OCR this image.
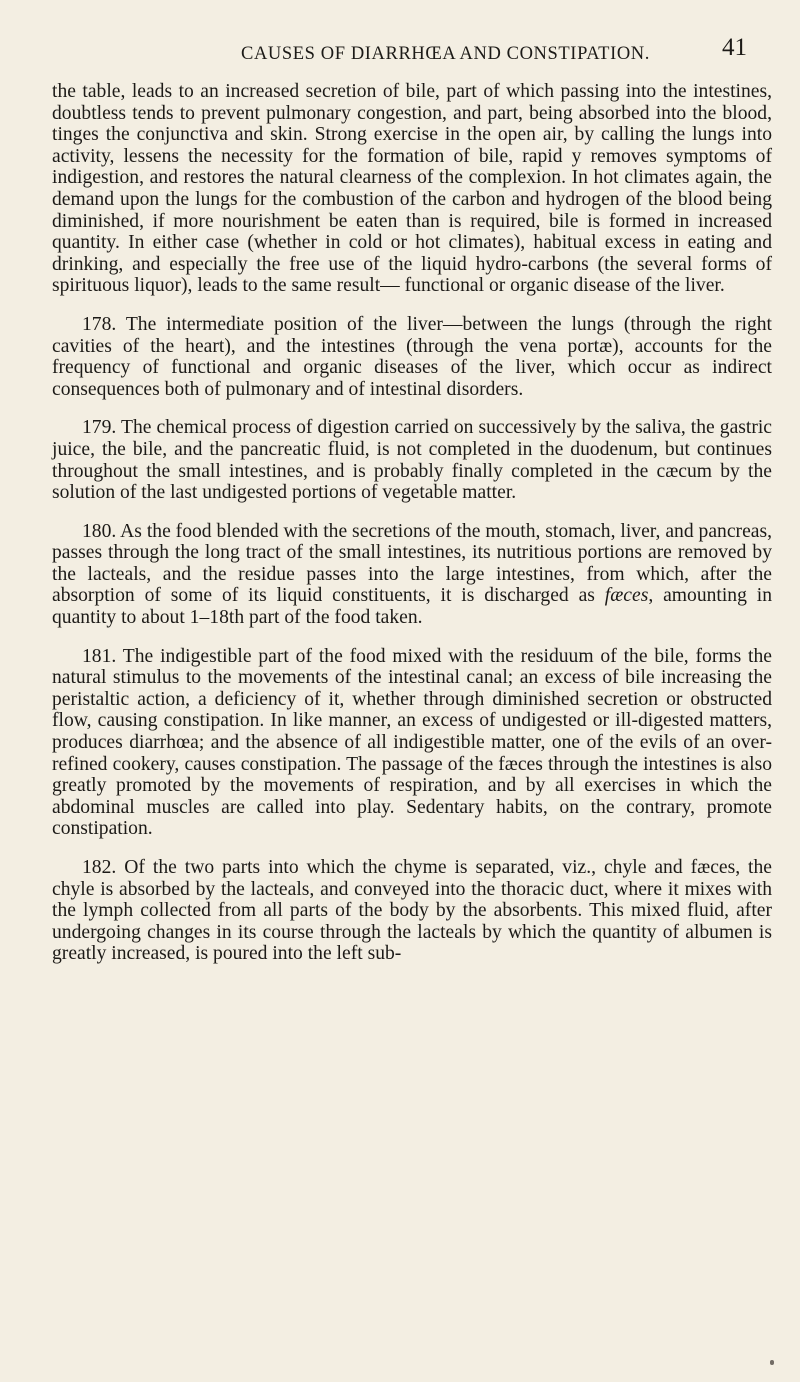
CAUSES OF DIARRHŒA AND CONSTIPATION.	41

the table, leads to an increased secretion of bile, part of which passing into the intestines, doubtless tends to prevent pulmonary congestion, and part, being absorbed into the blood, tinges the conjunctiva and skin. Strong exercise in the open air, by calling the lungs into activity, lessens the necessity for the formation of bile, rapid y removes symptoms of indigestion, and restores the natural clearness of the complexion. In hot climates again, the demand upon the lungs for the combustion of the carbon and hydrogen of the blood being diminished, if more nourishment be eaten than is required, bile is formed in increased quantity. In either case (whether in cold or hot climates), habitual excess in eating and drinking, and especially the free use of the liquid hydro-carbons (the several forms of spirituous liquor), leads to the same result— functional or organic disease of the liver.

178. The intermediate position of the liver—between the lungs (through the right cavities of the heart), and the intestines (through the vena portæ), accounts for the frequency of functional and organic diseases of the liver, which occur as indirect consequences both of pulmonary and of intestinal disorders.

179. The chemical process of digestion carried on successively by the saliva, the gastric juice, the bile, and the pancreatic fluid, is not completed in the duodenum, but continues throughout the small intestines, and is probably finally completed in the cæcum by the solution of the last undigested portions of vegetable matter.

180. As the food blended with the secretions of the mouth, stomach, liver, and pancreas, passes through the long tract of the small intestines, its nutritious portions are removed by the lacteals, and the residue passes into the large intestines, from which, after the absorption of some of its liquid constituents, it is discharged as fæces, amounting in quantity to about 1–18th part of the food taken.

181. The indigestible part of the food mixed with the residuum of the bile, forms the natural stimulus to the movements of the intestinal canal; an excess of bile increasing the peristaltic action, a deficiency of it, whether through diminished secretion or obstructed flow, causing constipation. In like manner, an excess of undigested or ill-digested matters, produces diarrhœa; and the absence of all indigestible matter, one of the evils of an over-refined cookery, causes constipation. The passage of the fæces through the intestines is also greatly promoted by the movements of respiration, and by all exercises in which the abdominal muscles are called into play. Sedentary habits, on the contrary, promote constipation.

182. Of the two parts into which the chyme is separated, viz., chyle and fæces, the chyle is absorbed by the lacteals, and conveyed into the thoracic duct, where it mixes with the lymph collected from all parts of the body by the absorbents. This mixed fluid, after undergoing changes in its course through the lacteals by which the quantity of albumen is greatly increased, is poured into the left sub-
